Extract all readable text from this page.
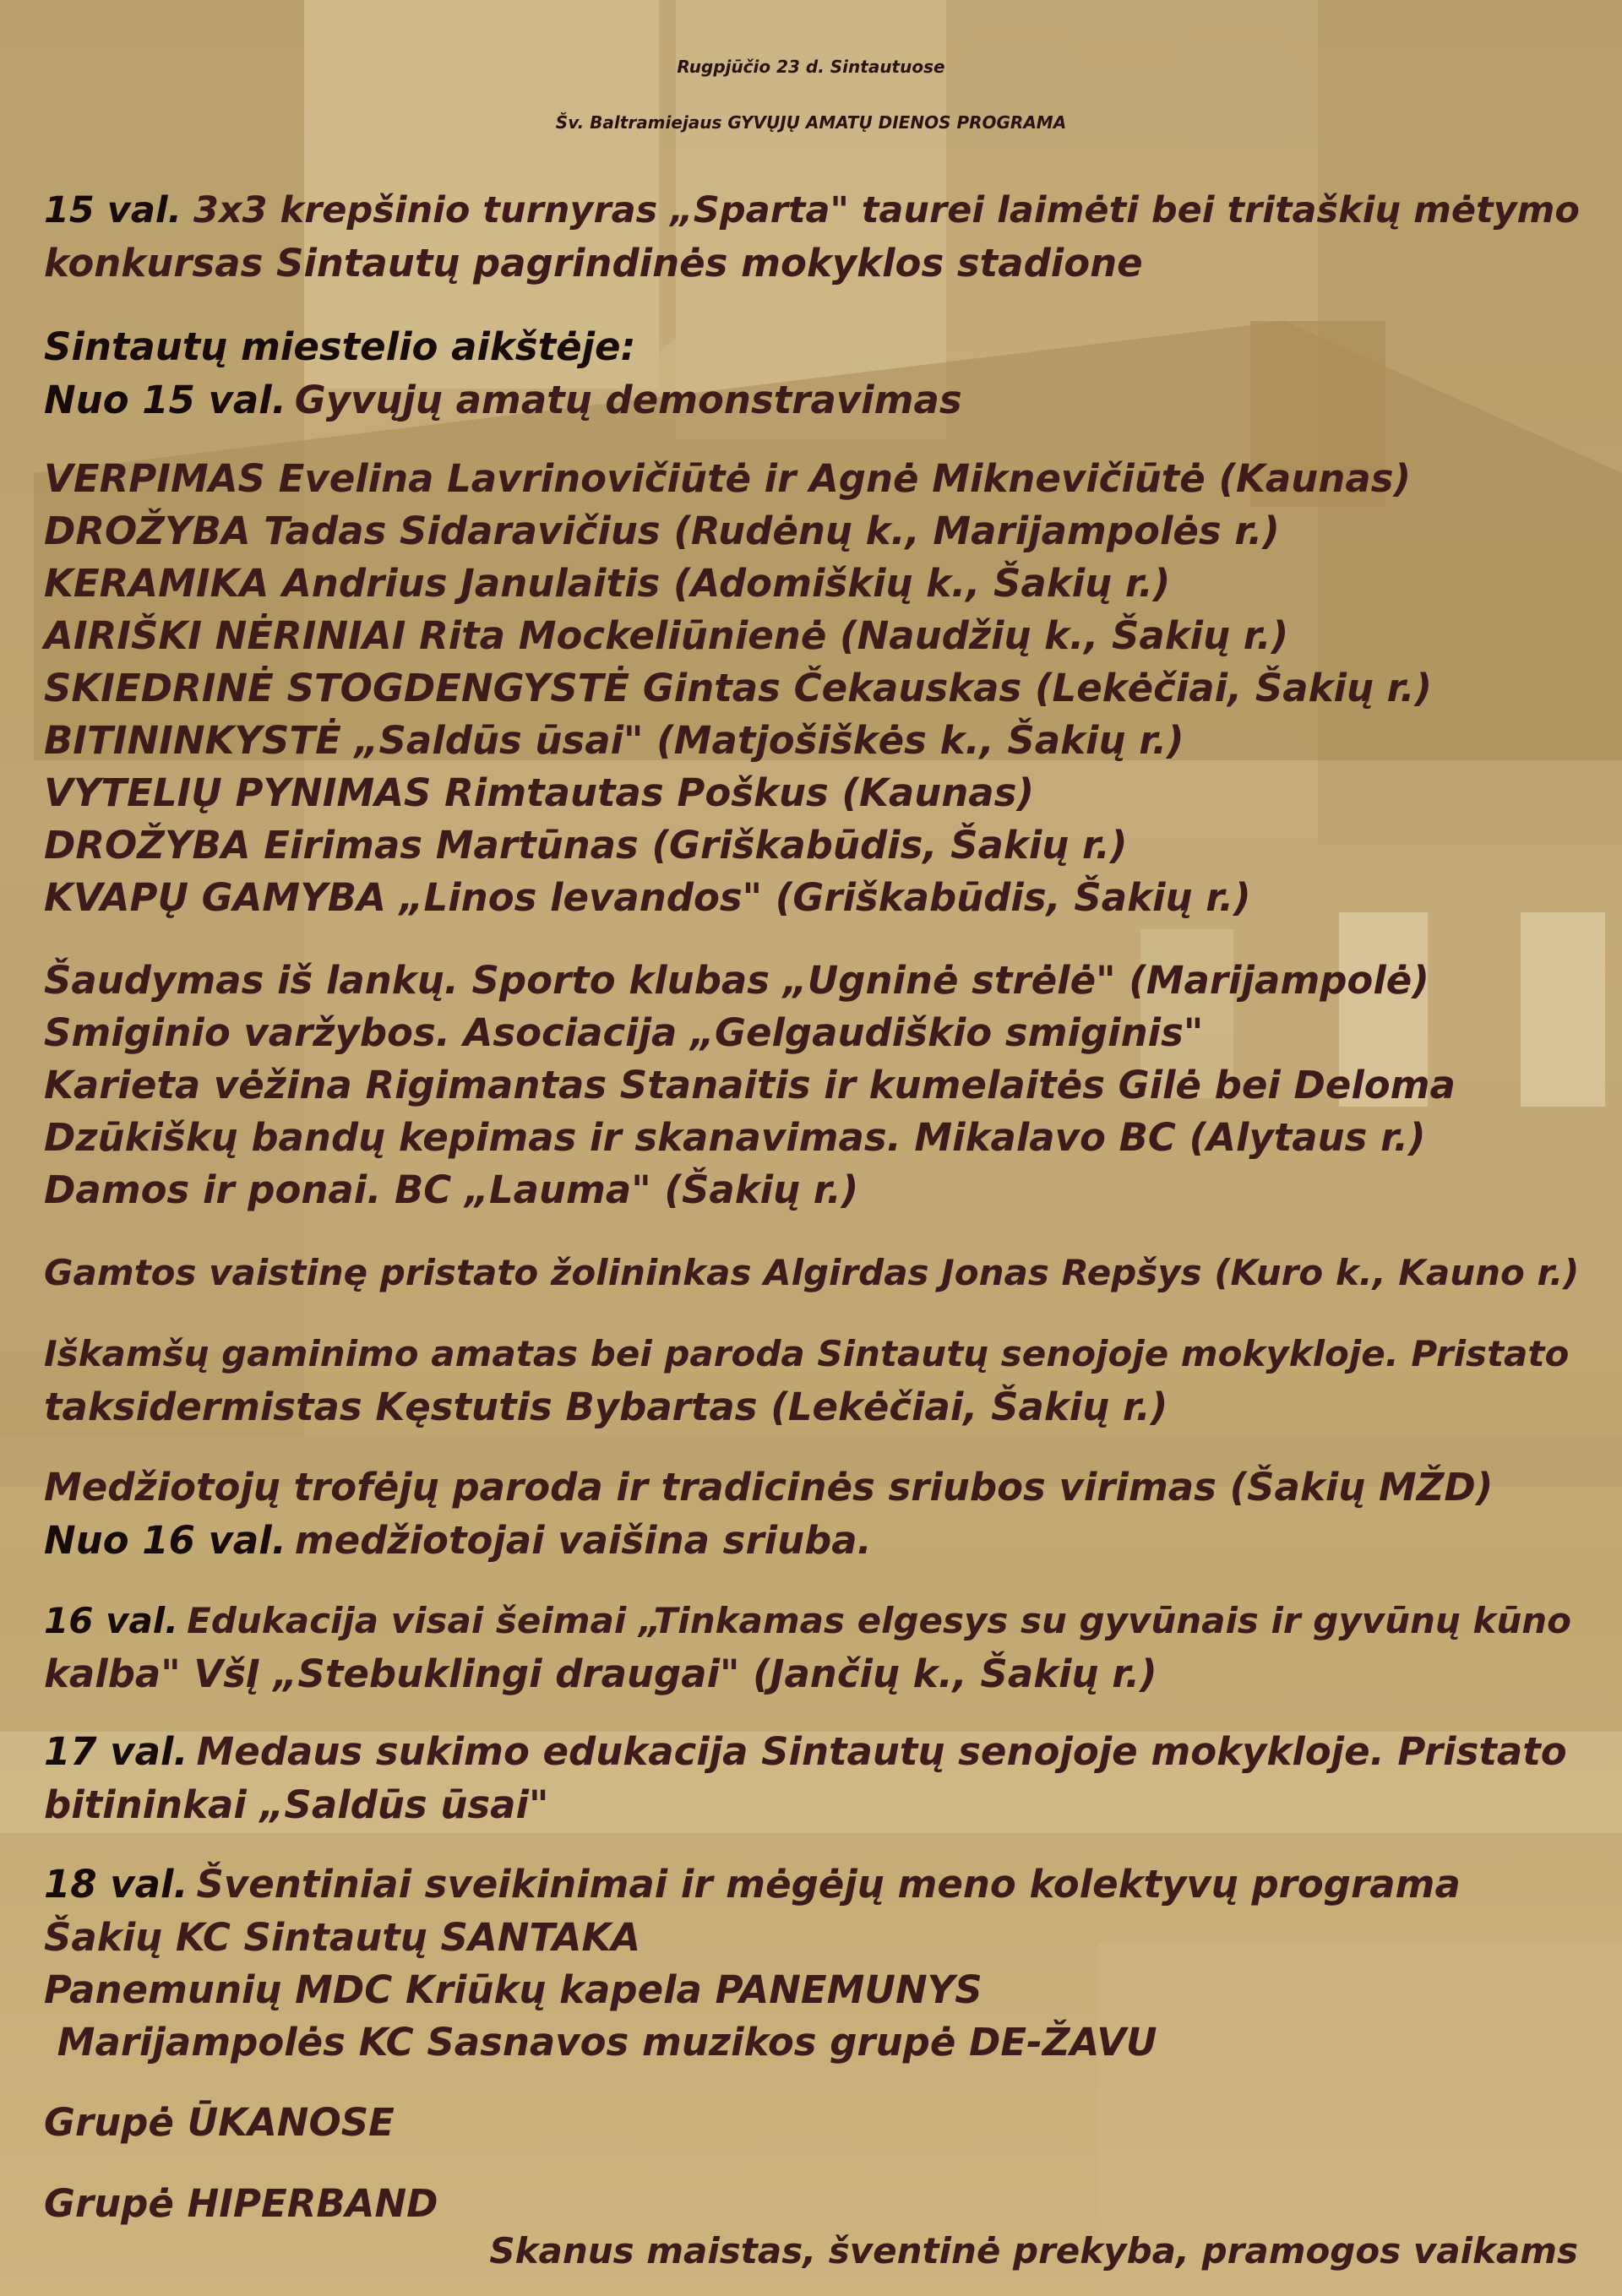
Rugpjūčio 23 d. Sintautuose
Šv. Baltramiejaus GYVŲJŲ AMATŲ DIENOS PROGRAMA
15 val. 3x3 krepšinio turnyras „Sparta" taurei laimėti bei tritaškių mėtymo
konkursas Sintautų pagrindinės mokyklos stadione
Sintautų miestelio aikštėje:
Nuo 15 val. Gyvųjų amatų demonstravimas
VERPIMAS Evelina Lavrinovičiūtė ir Agnė Miknevičiūtė (Kaunas)
DROŽYBA Tadas Sidaravičius (Rudėnų k., Marijampolės r.)
KERAMIKA Andrius Janulaitis (Adomiškių k., Šakių r.)
AIRIŠKI NĖRINIAI Rita Mockeliūnienė (Naudžių k., Šakių r.)
SKIEDRINĖ STOGDENGYSTĖ Gintas Čekauskas (Lekėčiai, Šakių r.)
BITININKYSTĖ „Saldūs ūsai" (Matjošiškės k., Šakių r.)
VYTELIŲ PYNIMAS Rimtautas Poškus (Kaunas)
DROŽYBA Eirimas Martūnas (Griškabūdis, Šakių r.)
KVAPŲ GAMYBA „Linos levandos" (Griškabūdis, Šakių r.)
Šaudymas iš lankų. Sporto klubas „Ugninė strėlė" (Marijampolė)
Smiginio varžybos. Asociacija „Gelgaudiškio smiginis"
Karieta vėžina Rigimantas Stanaitis ir kumelaitės Gilė bei Deloma
Dzūkiškų bandų kepimas ir skanavimas. Mikalavo BC (Alytaus r.)
Damos ir ponai. BC „Lauma" (Šakių r.)
Gamtos vaistinę pristato žolininkas Algirdas Jonas Repšys (Kuro k., Kauno r.)
Iškamšų gaminimo amatas bei paroda Sintautų senojoje mokykloje. Pristato
taksidermistas Kęstutis Bybartas (Lekėčiai, Šakių r.)
Medžiotojų trofėjų paroda ir tradicinės sriubos virimas (Šakių MŽD)
Nuo 16 val. medžiotojai vaišina sriuba.
16 val. Edukacija visai šeimai „Tinkamas elgesys su gyvūnais ir gyvūnų kūno
kalba" VšĮ „Stebuklingi draugai" (Jančių k., Šakių r.)
17 val. Medaus sukimo edukacija Sintautų senojoje mokykloje. Pristato
bitininkai „Saldūs ūsai"
18 val. Šventiniai sveikinimai ir mėgėjų meno kolektyvų programa
Šakių KC Sintautų SANTAKA
Panemunių MDC Kriūkų kapela PANEMUNYS
Marijampolės KC Sasnavos muzikos grupė DE-ŽAVU
Grupė ŪKANOSE
Grupė HIPERBAND
Skanus maistas, šventinė prekyba, pramogos vaikams
